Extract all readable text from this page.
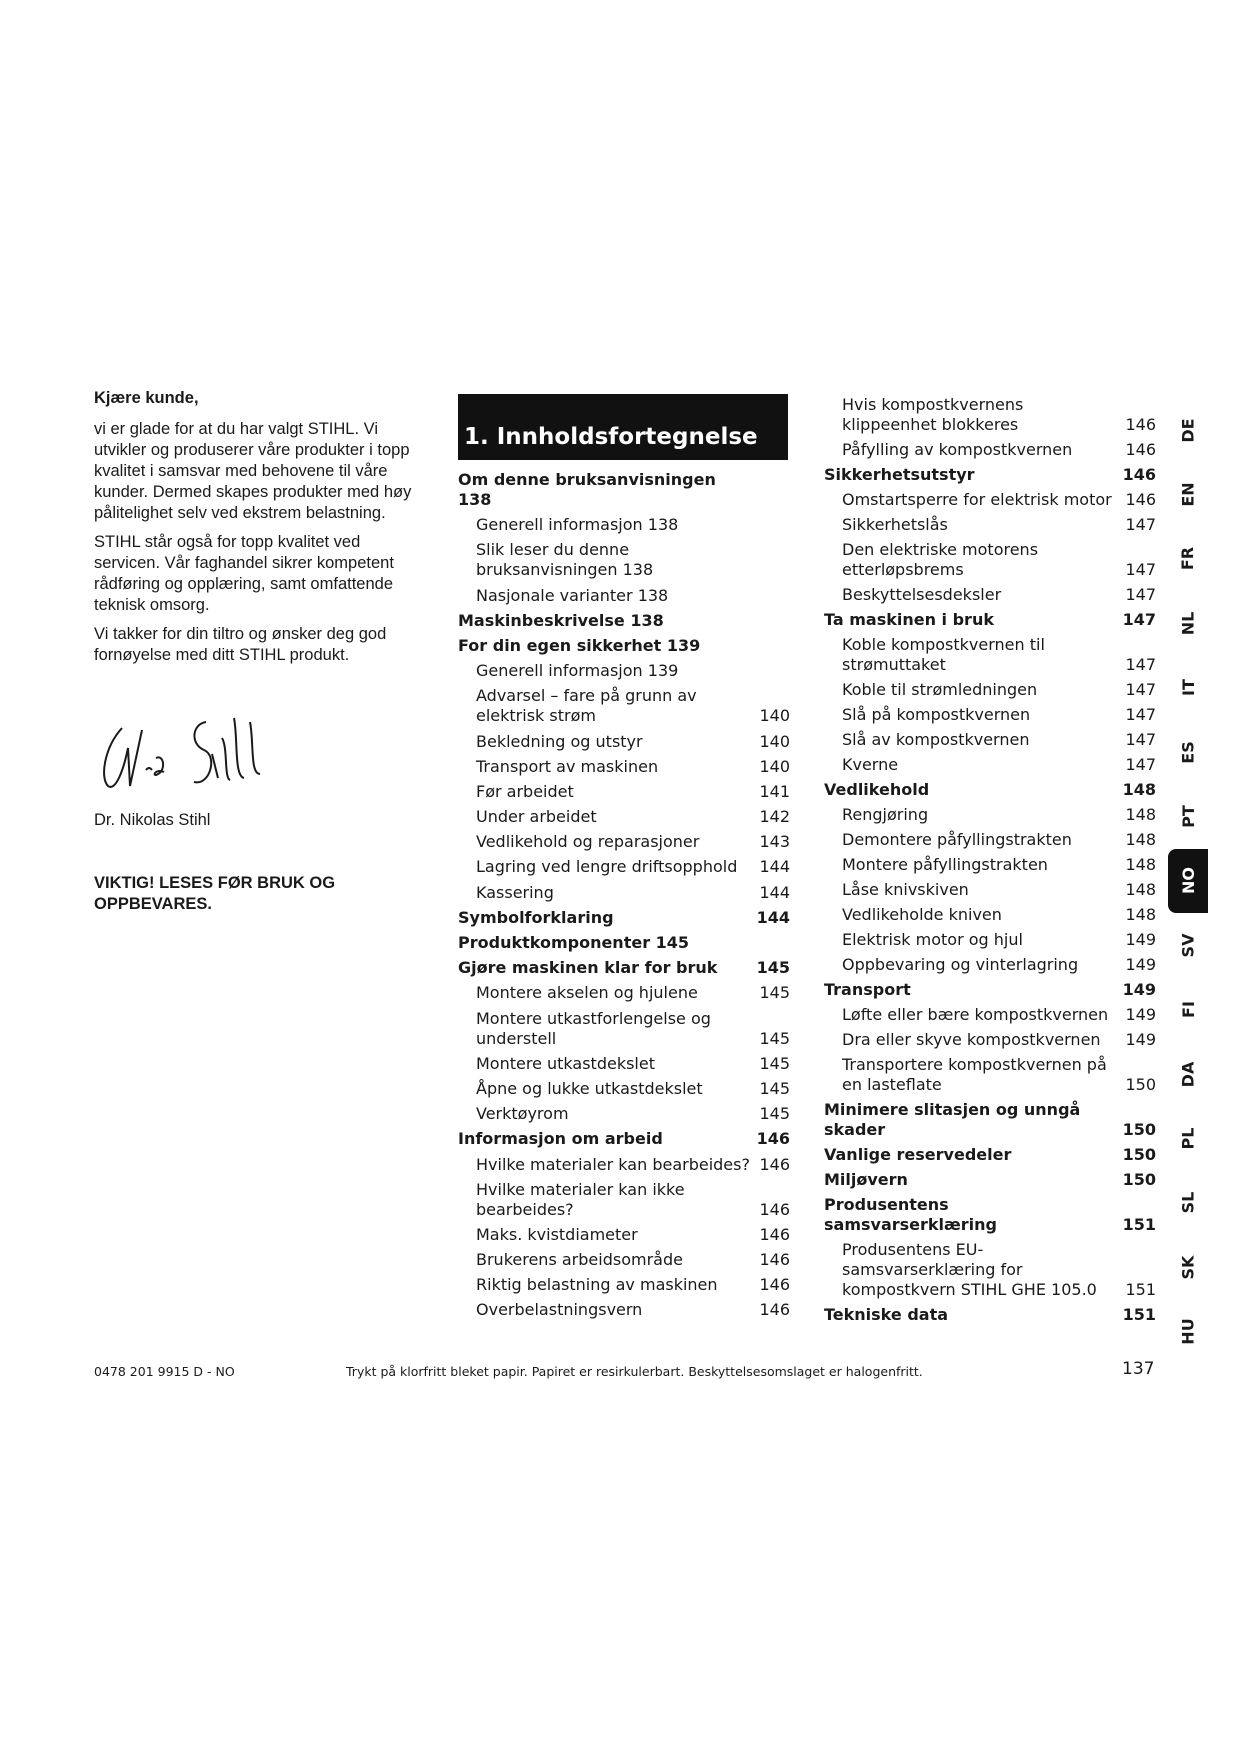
Kjære kunde,

vi er glade for at du har valgt STIHL. Vi utvikler og produserer våre produkter i topp kvalitet i samsvar med behovene til våre kunder. Dermed skapes produkter med høy pålitelighet selv ved ekstrem belastning.

STIHL står også for topp kvalitet ved servicen. Vår faghandel sikrer kompetent rådføring og opplæring, samt omfattende teknisk omsorg.

Vi takker for din tiltro og ønsker deg god fornøyelse med ditt STIHL produkt.

Dr. Nikolas Stihl
VIKTIG! LESES FØR BRUK OG OPPBEVARES.
1. Innholdsfortegnelse
Om denne bruksanvisningen 138
Generell informasjon 138
Slik leser du denne bruksanvisningen 138
Nasjonale varianter 138
Maskinbeskrivelse 138
For din egen sikkerhet 139
Generell informasjon 139
Advarsel – fare på grunn av elektrisk strøm	140
Bekledning og utstyr	140
Transport av maskinen	140
Før arbeidet	141
Under arbeidet	142
Vedlikehold og reparasjoner	143
Lagring ved lengre driftsopphold	144
Kassering	144
Symbolforklaring	144
Produktkomponenter 145
Gjøre maskinen klar for bruk	145
Montere akselen og hjulene	145
Montere utkastforlengelse og understell	145
Montere utkastdekslet	145
Åpne og lukke utkastdekslet	145
Verktøyrom	145
Informasjon om arbeid	146
Hvilke materialer kan bearbeides? 146
Hvilke materialer kan ikke bearbeides?	146
Maks. kvistdiameter	146
Brukerens arbeidsområde	146
Riktig belastning av maskinen	146
Overbelastningsvern	146
Hvis kompostkvernens klippeenhet blokkeres	146
Påfylling av kompostkvernen	146
Sikkerhetsutstyr	146
Omstartsperre for elektrisk motor 146
Sikkerhetslås	147
Den elektriske motorens etterløpsbrems	147
Beskyttelsesdeksler	147
Ta maskinen i bruk	147
Koble kompostkvernen til strømuttaket	147
Koble til strømledningen	147
Slå på kompostkvernen	147
Slå av kompostkvernen	147
Kverne	147
Vedlikehold	148
Rengjøring	148
Demontere påfyllingstrakten	148
Montere påfyllingstrakten	148
Låse knivskiven	148
Vedlikeholde kniven	148
Elektrisk motor og hjul	149
Oppbevaring og vinterlagring	149
Transport	149
Løfte eller bære kompostkvernen	149
Dra eller skyve kompostkvernen	149
Transportere kompostkvernen på en lasteflate	150
Minimere slitasjen og unngå skader	150
Vanlige reservedeler	150
Miljøvern	150
Produsentens samsvarserklæring	151
Produsentens EU-samsvarserklæring for kompostkvern STIHL GHE 105.0	151
Tekniske data	151
DE
EN
FR
NL
IT
ES
PT
NO
SV
FI
DA
PL
SL
SK
HU
0478 201 9915 D - NO	Trykt på klorfritt bleket papir. Papiret er resirkulerbart. Beskyttelsesomslaget er halogenfritt.	137
